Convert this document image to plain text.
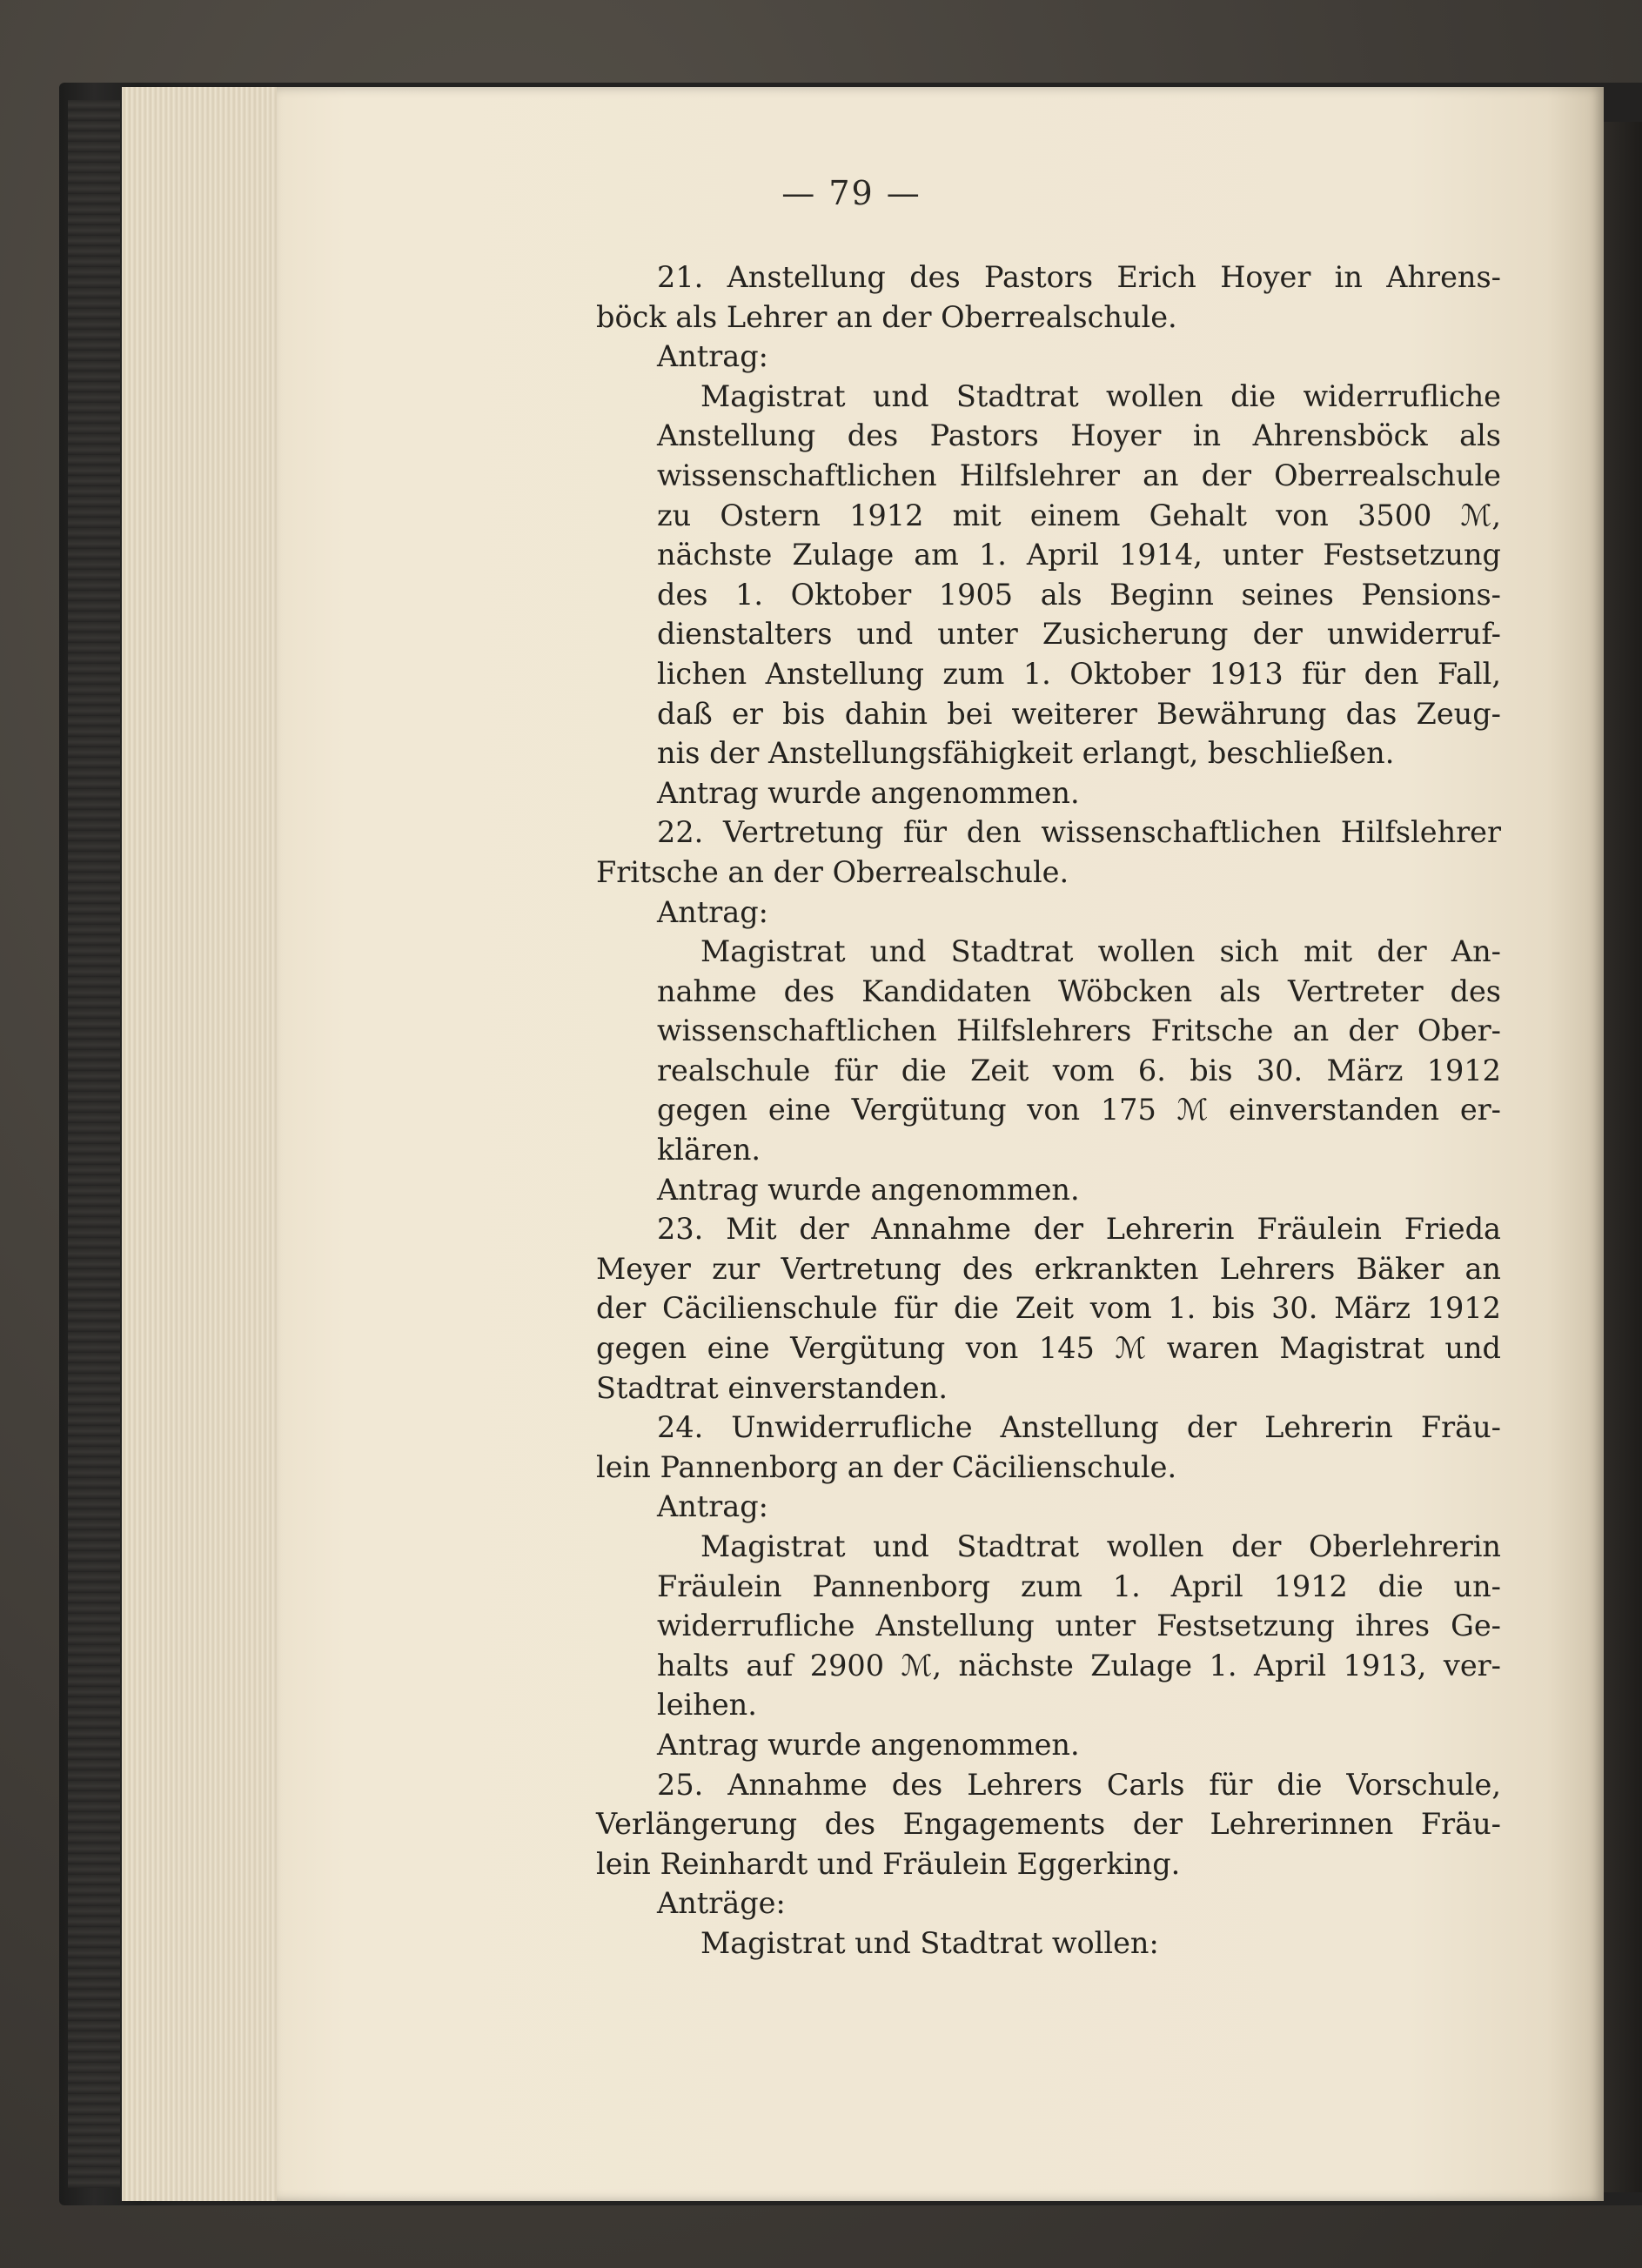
— 79 —
21. Anstellung des Pastors Erich Hoyer in Ahrens-
böck als Lehrer an der Oberrealschule.
Antrag:
Magistrat und Stadtrat wollen die widerrufliche
Anstellung des Pastors Hoyer in Ahrensböck als
wissenschaftlichen Hilfslehrer an der Oberrealschule
zu Ostern 1912 mit einem Gehalt von 3500 ℳ,
nächste Zulage am 1. April 1914, unter Festsetzung
des 1. Oktober 1905 als Beginn seines Pensions-
dienstalters und unter Zusicherung der unwiderruf-
lichen Anstellung zum 1. Oktober 1913 für den Fall,
daß er bis dahin bei weiterer Bewährung das Zeug-
nis der Anstellungsfähigkeit erlangt, beschließen.
Antrag wurde angenommen.
22. Vertretung für den wissenschaftlichen Hilfslehrer
Fritsche an der Oberrealschule.
Antrag:
Magistrat und Stadtrat wollen sich mit der An-
nahme des Kandidaten Wöbcken als Vertreter des
wissenschaftlichen Hilfslehrers Fritsche an der Ober-
realschule für die Zeit vom 6. bis 30. März 1912
gegen eine Vergütung von 175 ℳ einverstanden er-
klären.
Antrag wurde angenommen.
23. Mit der Annahme der Lehrerin Fräulein Frieda
Meyer zur Vertretung des erkrankten Lehrers Bäker an
der Cäcilienschule für die Zeit vom 1. bis 30. März 1912
gegen eine Vergütung von 145 ℳ waren Magistrat und
Stadtrat einverstanden.
24. Unwiderrufliche Anstellung der Lehrerin Fräu-
lein Pannenborg an der Cäcilienschule.
Antrag:
Magistrat und Stadtrat wollen der Oberlehrerin
Fräulein Pannenborg zum 1. April 1912 die un-
widerrufliche Anstellung unter Festsetzung ihres Ge-
halts auf 2900 ℳ, nächste Zulage 1. April 1913, ver-
leihen.
Antrag wurde angenommen.
25. Annahme des Lehrers Carls für die Vorschule,
Verlängerung des Engagements der Lehrerinnen Fräu-
lein Reinhardt und Fräulein Eggerking.
Anträge:
Magistrat und Stadtrat wollen:
